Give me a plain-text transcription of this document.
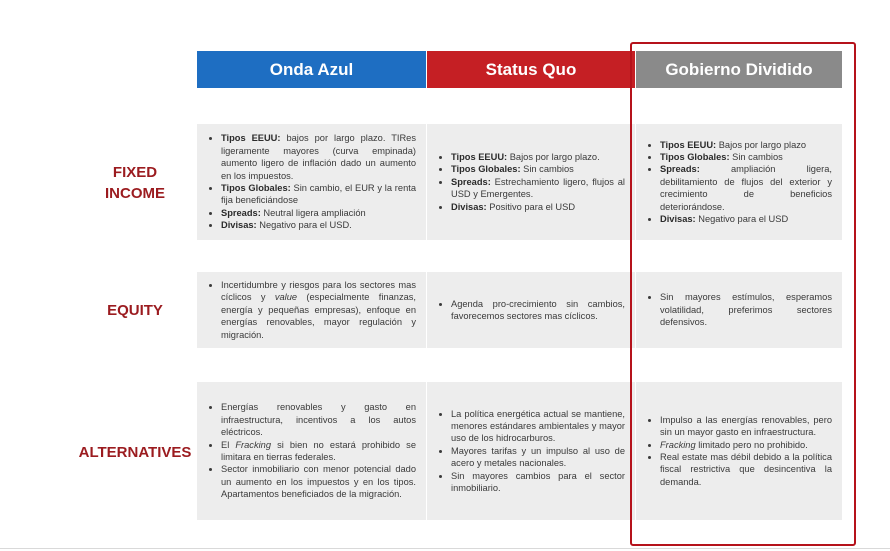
Onda Azul	Status Quo	Gobierno Dividido
FIXED
INCOME
EQUITY
ALTERNATIVES
• Tipos EEUU: bajos por largo plazo. TIRes ligeramente mayores (curva empinada) aumento ligero de inflación dado un aumento en los impuestos.
• Tipos Globales: Sin cambio, el EUR y la renta fija beneficiándose
• Spreads: Neutral ligera ampliación
• Divisas: Negativo para el USD.
• Tipos EEUU: Bajos por largo plazo.
• Tipos Globales: Sin cambios
• Spreads: Estrechamiento ligero, flujos al USD y Emergentes.
• Divisas: Positivo para el USD
• Tipos EEUU: Bajos por largo plazo
• Tipos Globales: Sin cambios
• Spreads: ampliación ligera, debilitamiento de flujos del exterior y crecimiento de beneficios deteriorándose.
• Divisas: Negativo para el USD
• Incertidumbre y riesgos para los sectores mas cíclicos y value (especialmente finanzas, energía y pequeñas empresas), enfoque en energías renovables, mayor regulación y migración.
• Agenda pro-crecimiento sin cambios, favorecemos sectores mas cíclicos.
• Sin mayores estímulos, esperamos volatilidad, preferimos sectores defensivos.
• Energías renovables y gasto en infraestructura, incentivos a los autos eléctricos.
• El Fracking si bien no estará prohibido se limitara en tierras federales.
• Sector inmobiliario con menor potencial dado un aumento en los impuestos y en los tipos. Apartamentos beneficiados de la migración.
• La política energética actual se mantiene, menores estándares ambientales y mayor uso de los hidrocarburos.
• Mayores tarifas y un impulso al uso de acero y metales nacionales.
• Sin mayores cambios para el sector inmobiliario.
• Impulso a las energías renovables, pero sin un mayor gasto en infraestructura.
• Fracking limitado pero no prohibido.
• Real estate mas débil debido a la política fiscal restrictiva que desincentiva la demanda.
